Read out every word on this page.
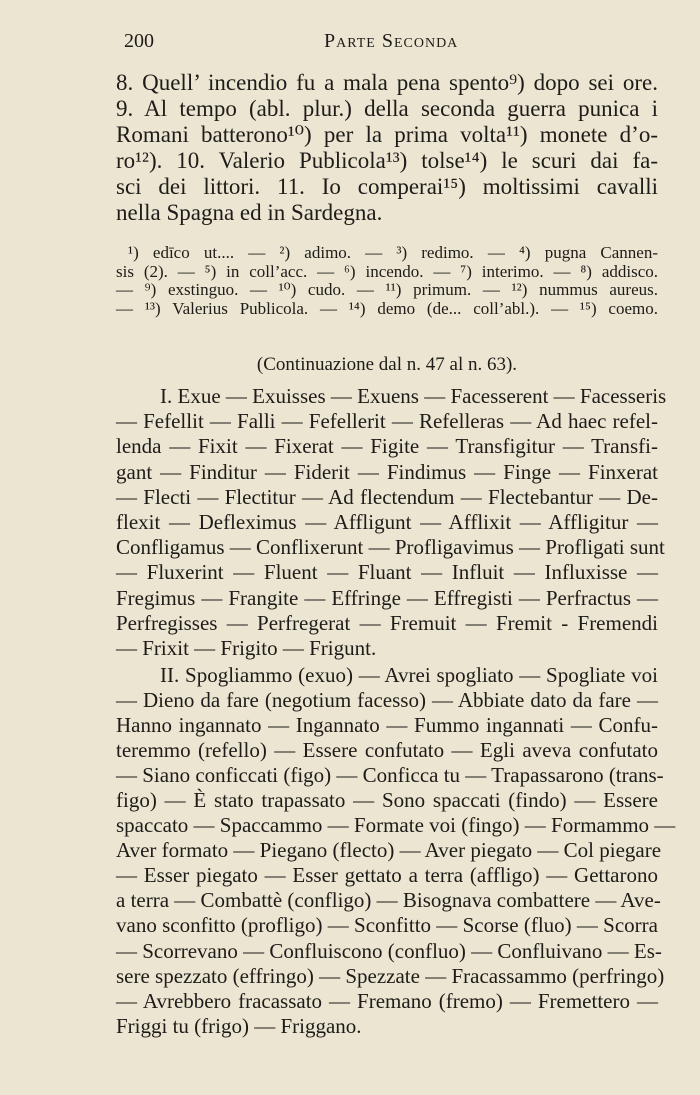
200	Parte Seconda
8. Quell’ incendio fu a mala pena spento⁹) dopo sei ore.
9. Al tempo (abl. plur.) della seconda guerra punica i
Romani batterono¹⁰) per la prima volta¹¹) monete d’o-
ro¹²). 10. Valerio Publicola¹³) tolse¹⁴) le scuri dai fa-
sci dei littori. 11. Io comperai¹⁵) moltissimi cavalli
nella Spagna ed in Sardegna.
¹) edīco ut.... — ²) adimo. — ³) redimo. — ⁴) pugna Cannen-
sis (2). — ⁵) in coll’acc. — ⁶) incendo. — ⁷) interimo. — ⁸) addisco.
— ⁹) exstinguo. — ¹⁰) cudo. — ¹¹) primum. — ¹²) nummus aureus.
— ¹³) Valerius Publicola. — ¹⁴) demo (de... coll’abl.). — ¹⁵) coemo.
(Continuazione dal n. 47 al n. 63).
I. Exue — Exuisses — Exuens — Facesserent — Facesseris
— Fefellit — Falli — Fefellerit — Refelleras — Ad haec refel-
lenda — Fixit — Fixerat — Figite — Transfigitur — Transfi-
gant — Finditur — Fiderit — Findimus — Finge — Finxerat
— Flecti — Flectitur — Ad flectendum — Flectebantur — De-
flexit — Defleximus — Affligunt — Afflixit — Affligitur —
Confligamus — Conflixerunt — Profligavimus — Profligati sunt
— Fluxerint — Fluent — Fluant — Influit — Influxisse —
Fregimus — Frangite — Effringe — Effregisti — Perfractus —
Perfregisses — Perfregerat — Fremuit — Fremit - Fremendi
— Frixit — Frigito — Frigunt.
II. Spogliammo (exuo) — Avrei spogliato — Spogliate voi
— Dieno da fare (negotium facesso) — Abbiate dato da fare —
Hanno ingannato — Ingannato — Fummo ingannati — Confu-
teremmo (refello) — Essere confutato — Egli aveva confutato
— Siano conficcati (figo) — Conficca tu — Trapassarono (trans-
figo) — È stato trapassato — Sono spaccati (findo) — Essere
spaccato — Spaccammo — Formate voi (fingo) — Formammo —
Aver formato — Piegano (flecto) — Aver piegato — Col piegare
— Esser piegato — Esser gettato a terra (affligo) — Gettarono
a terra — Combattè (confligo) — Bisognava combattere — Ave-
vano sconfitto (profligo) — Sconfitto — Scorse (fluo) — Scorra
— Scorrevano — Confluiscono (confluo) — Confluivano — Es-
sere spezzato (effringo) — Spezzate — Fracassammo (perfringo)
— Avrebbero fracassato — Fremano (fremo) — Fremettero —
Friggi tu (frigo) — Friggano.
